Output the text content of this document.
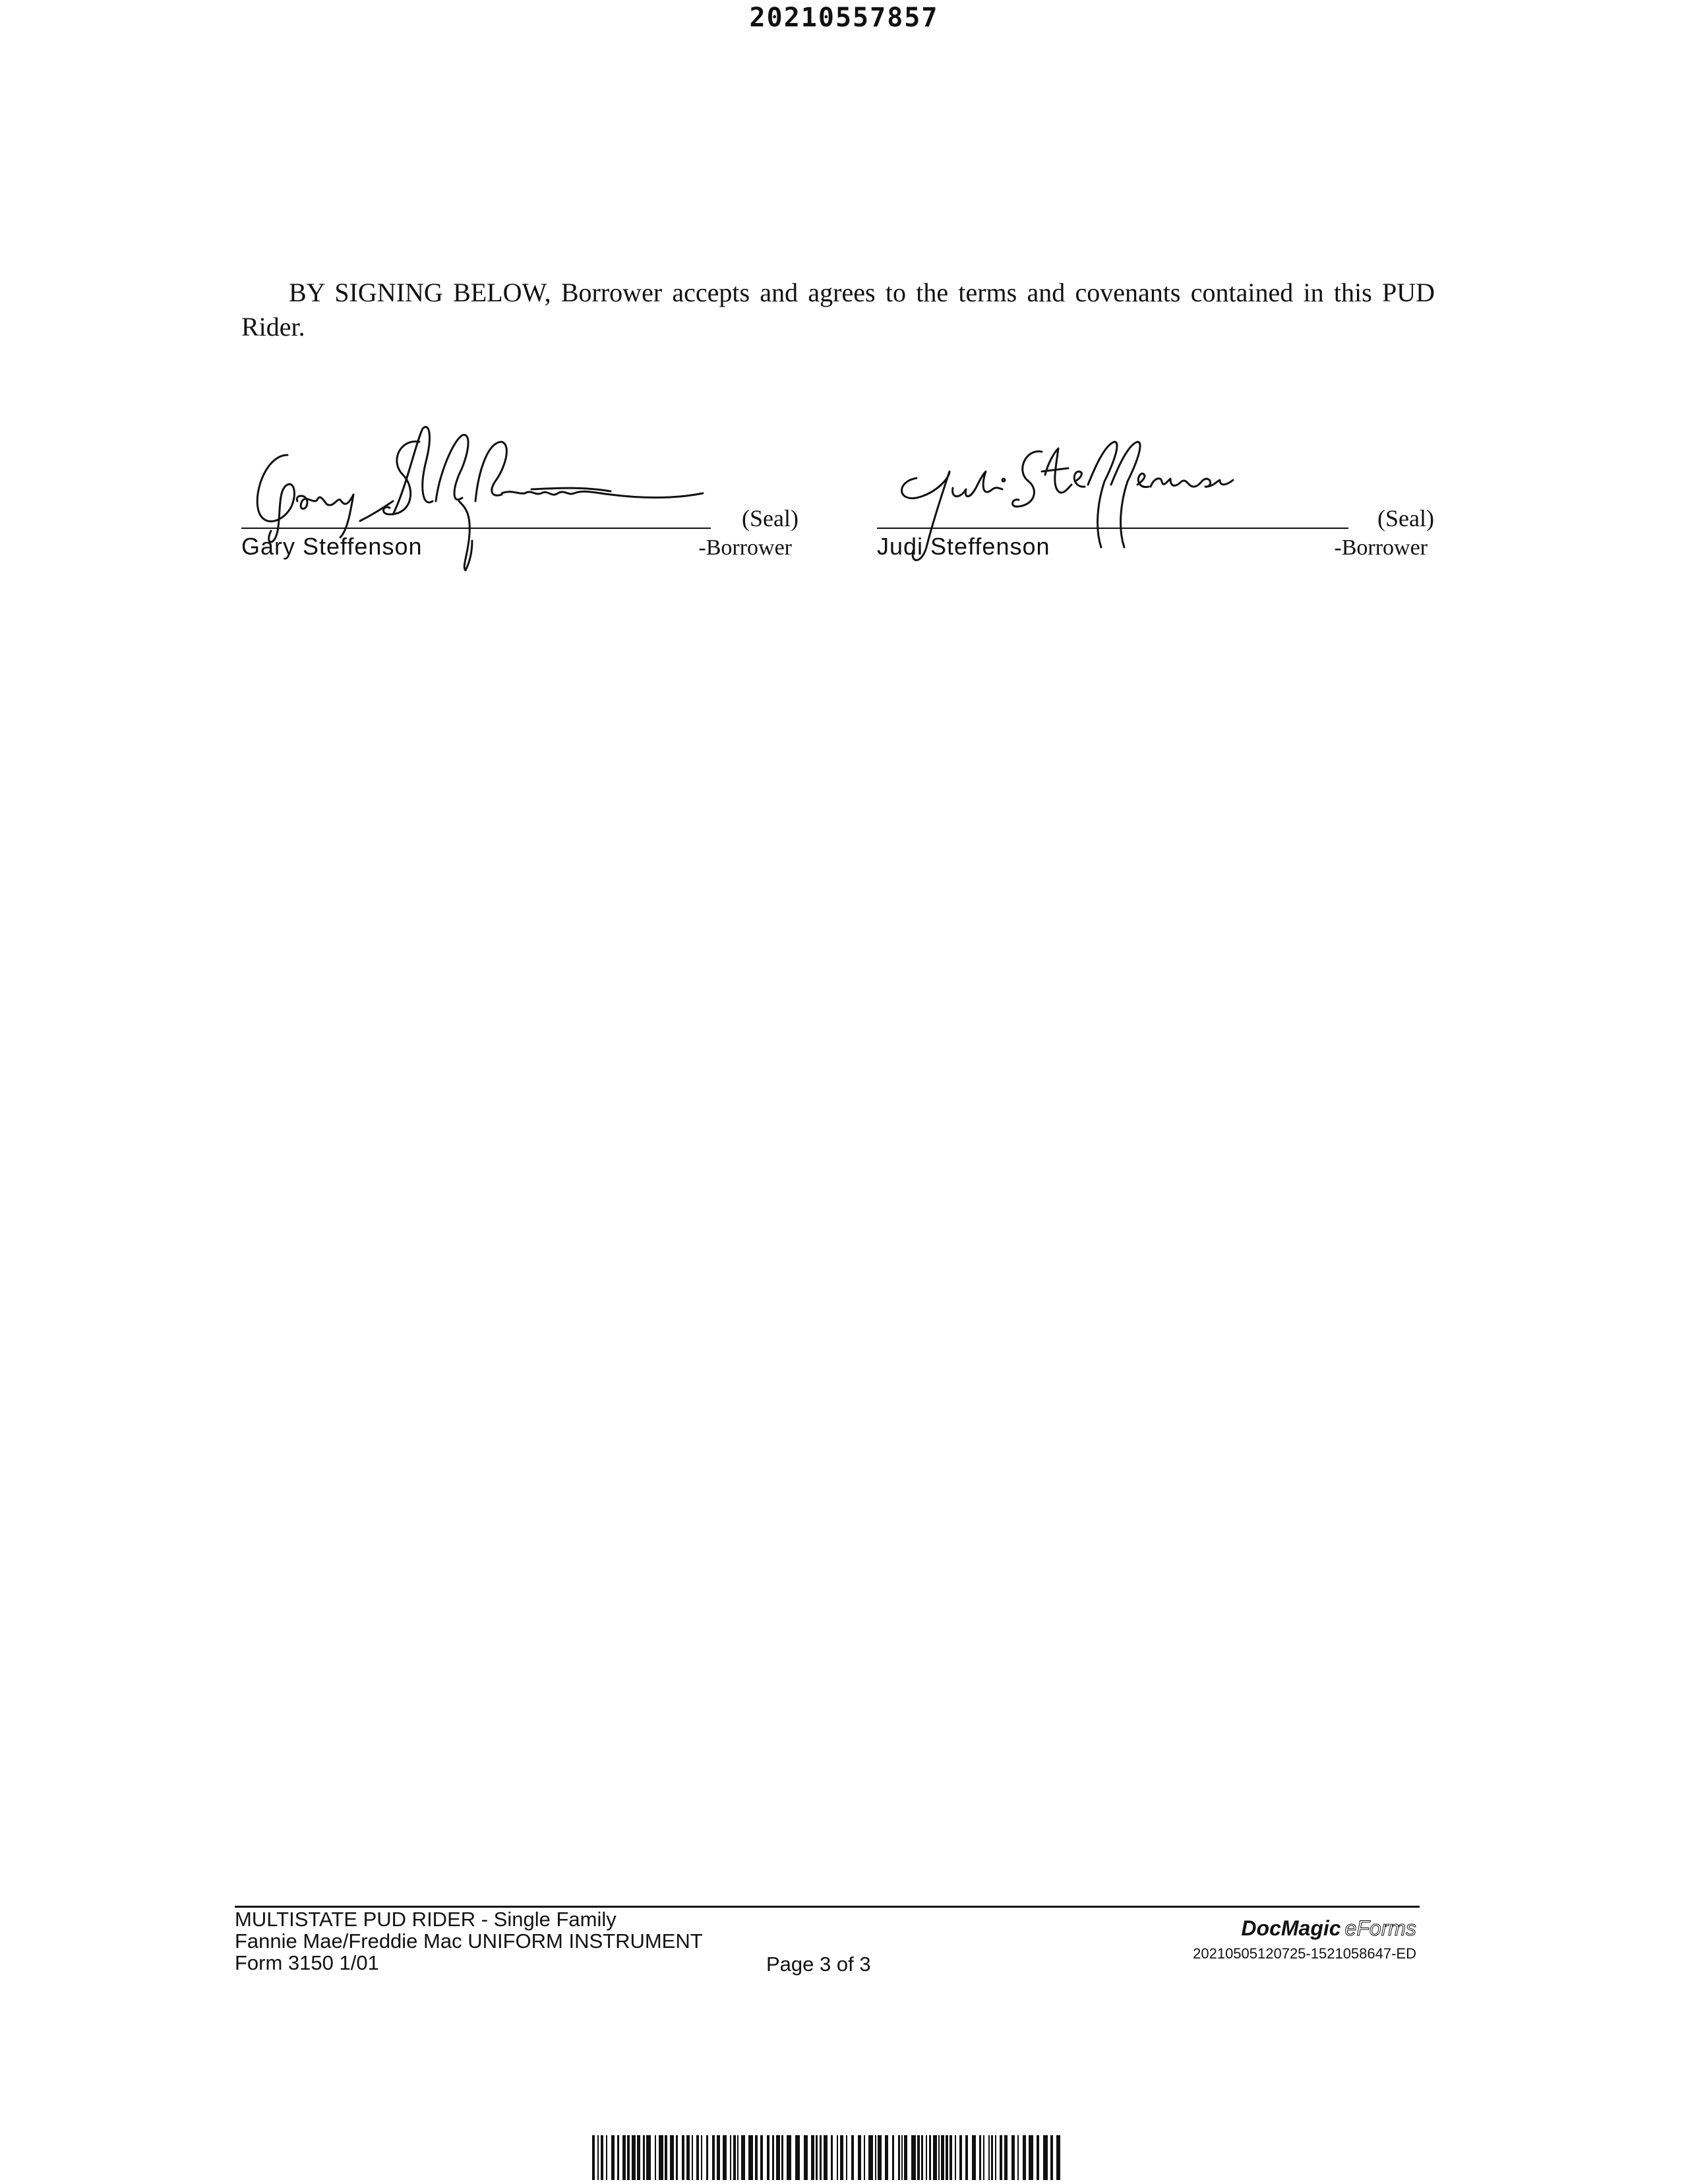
20210557857
BY SIGNING BELOW, Borrower accepts and agrees to the terms and covenants contained in this PUD Rider.
(Seal)
Gary Steffenson	-Borrower
(Seal)
Judi Steffenson	-Borrower
MULTISTATE PUD RIDER - Single Family
Fannie Mae/Freddie Mac UNIFORM INSTRUMENT
Form 3150 1/01	Page 3 of 3
DocMagic eForms
20210505120725-1521058647-ED
